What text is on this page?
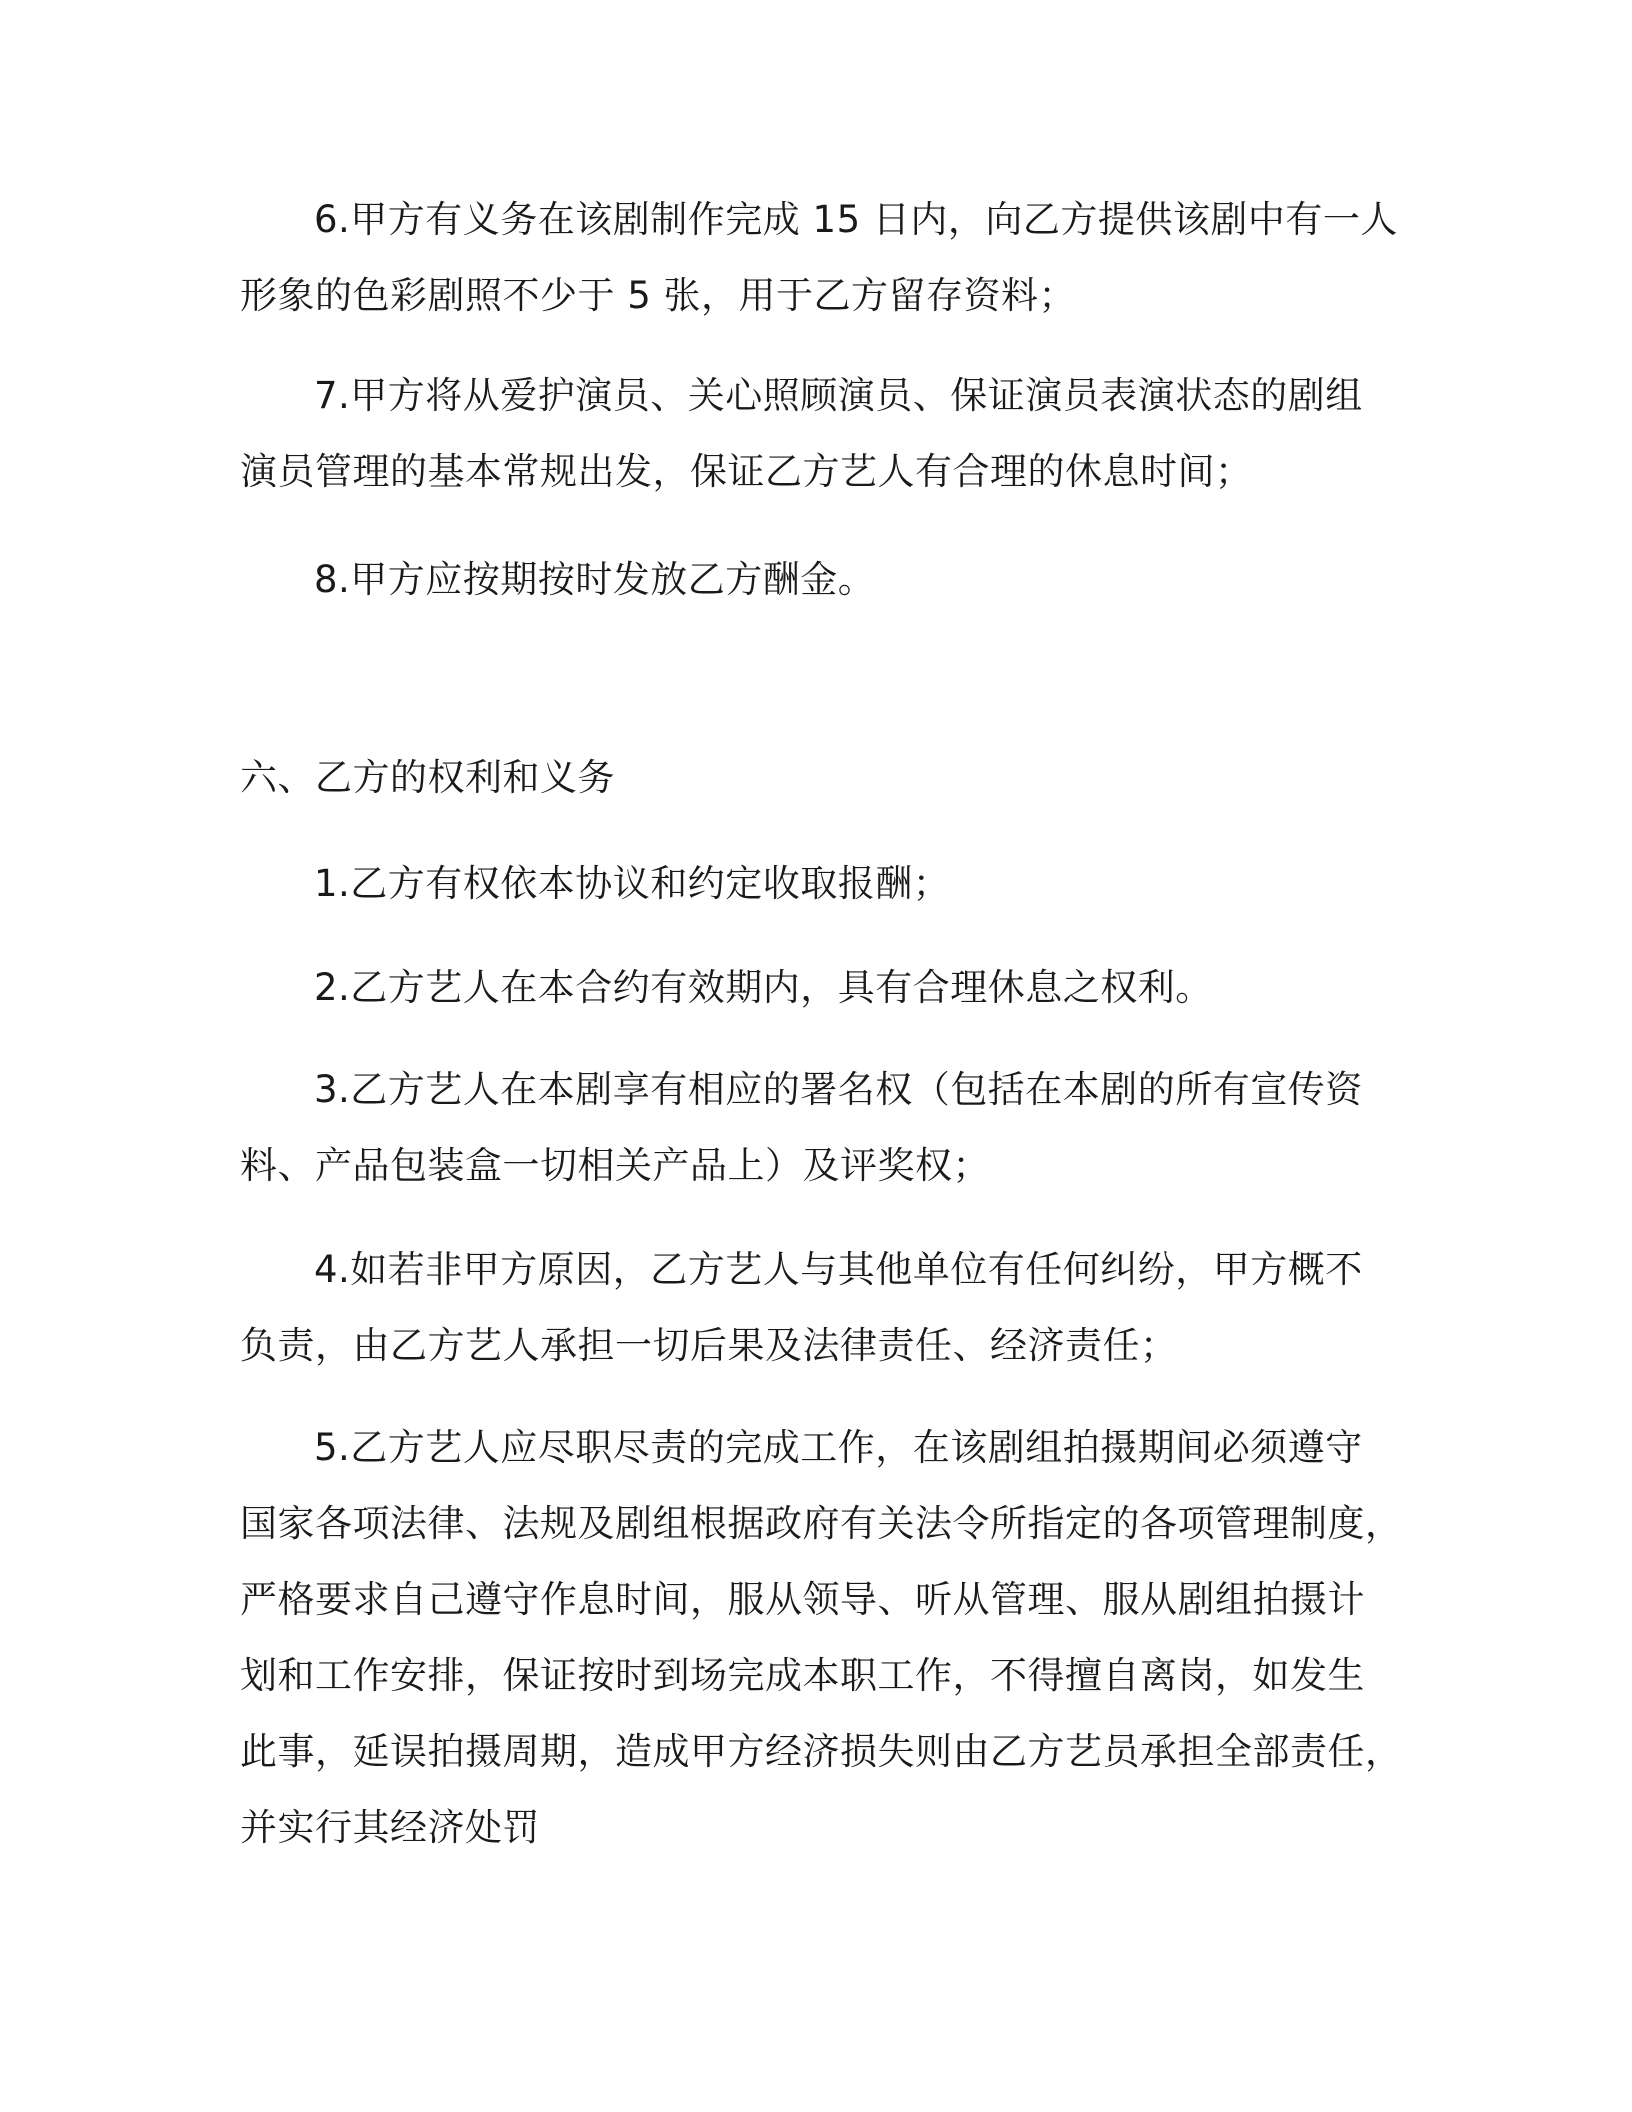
6.甲方有义务在该剧制作完成 15 日内，向乙方提供该剧中有一人
形象的色彩剧照不少于 5 张，用于乙方留存资料；
7.甲方将从爱护演员、关心照顾演员、保证演员表演状态的剧组
演员管理的基本常规出发，保证乙方艺人有合理的休息时间；
8.甲方应按期按时发放乙方酬金。
六、乙方的权利和义务
1.乙方有权依本协议和约定收取报酬；
2.乙方艺人在本合约有效期内，具有合理休息之权利。
3.乙方艺人在本剧享有相应的署名权（包括在本剧的所有宣传资
料、产品包装盒一切相关产品上）及评奖权；
4.如若非甲方原因，乙方艺人与其他单位有任何纠纷，甲方概不
负责，由乙方艺人承担一切后果及法律责任、经济责任；
5.乙方艺人应尽职尽责的完成工作，在该剧组拍摄期间必须遵守
国家各项法律、法规及剧组根据政府有关法令所指定的各项管理制度，
严格要求自己遵守作息时间，服从领导、听从管理、服从剧组拍摄计
划和工作安排，保证按时到场完成本职工作，不得擅自离岗，如发生
此事，延误拍摄周期，造成甲方经济损失则由乙方艺员承担全部责任，
并实行其经济处罚
